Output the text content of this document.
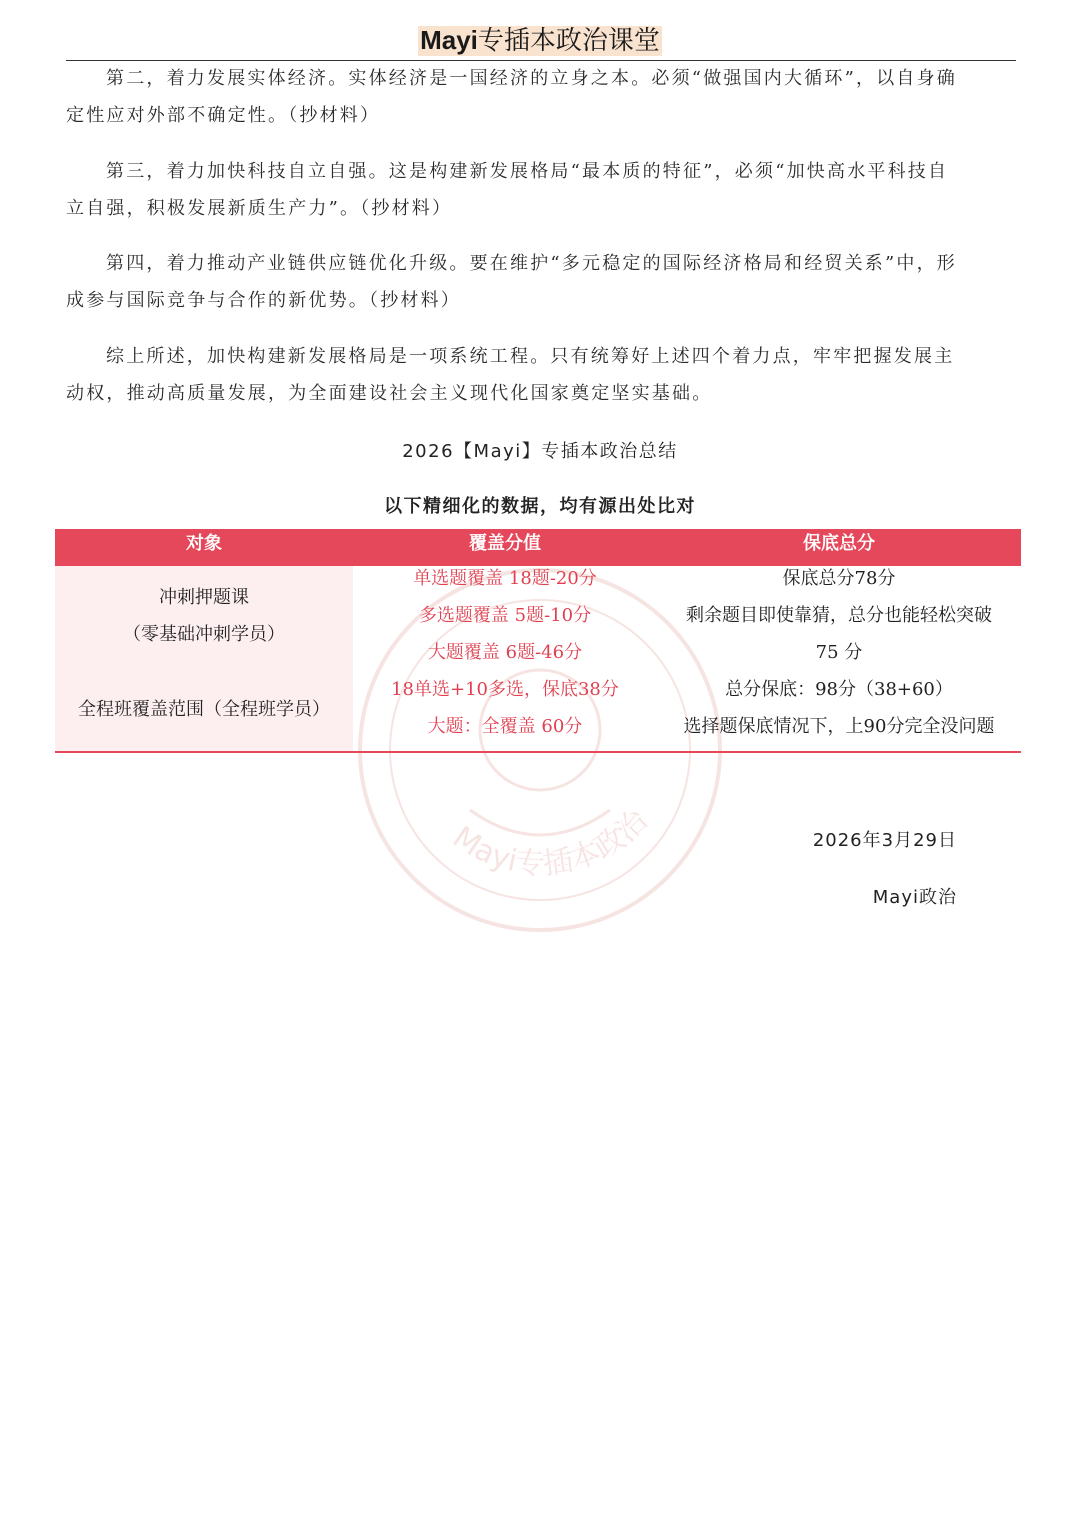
Mayi专插本政治课堂

第二，着力发展实体经济。实体经济是一国经济的立身之本。必须“做强国内大循环”，以自身确定性应对外部不确定性。（抄材料）

第三，着力加快科技自立自强。这是构建新发展格局“最本质的特征”，必须“加快高水平科技自立自强，积极发展新质生产力”。（抄材料）

第四，着力推动产业链供应链优化升级。要在维护“多元稳定的国际经济格局和经贸关系”中，形成参与国际竞争与合作的新优势。（抄材料）

综上所述，加快构建新发展格局是一项系统工程。只有统筹好上述四个着力点，牢牢把握发展主动权，推动高质量发展，为全面建设社会主义现代化国家奠定坚实基础。

2026【Mayi】专插本政治总结
以下精细化的数据，均有源出处比对
Mayi专插本政治
对象	覆盖分值	保底总分
冲刺押题课
（零基础冲刺学员）
全程班覆盖范围（全程班学员）
单选题覆盖 18题-20分
多选题覆盖 5题-10分
大题覆盖 6题-46分
18单选+10多选，保底38分
大题：全覆盖 60分
保底总分78分
剩余题目即使靠猜，总分也能轻松突破
75 分
总分保底：98分（38+60）
选择题保底情况下，上90分完全没问题
2026年3月29日
Mayi政治
